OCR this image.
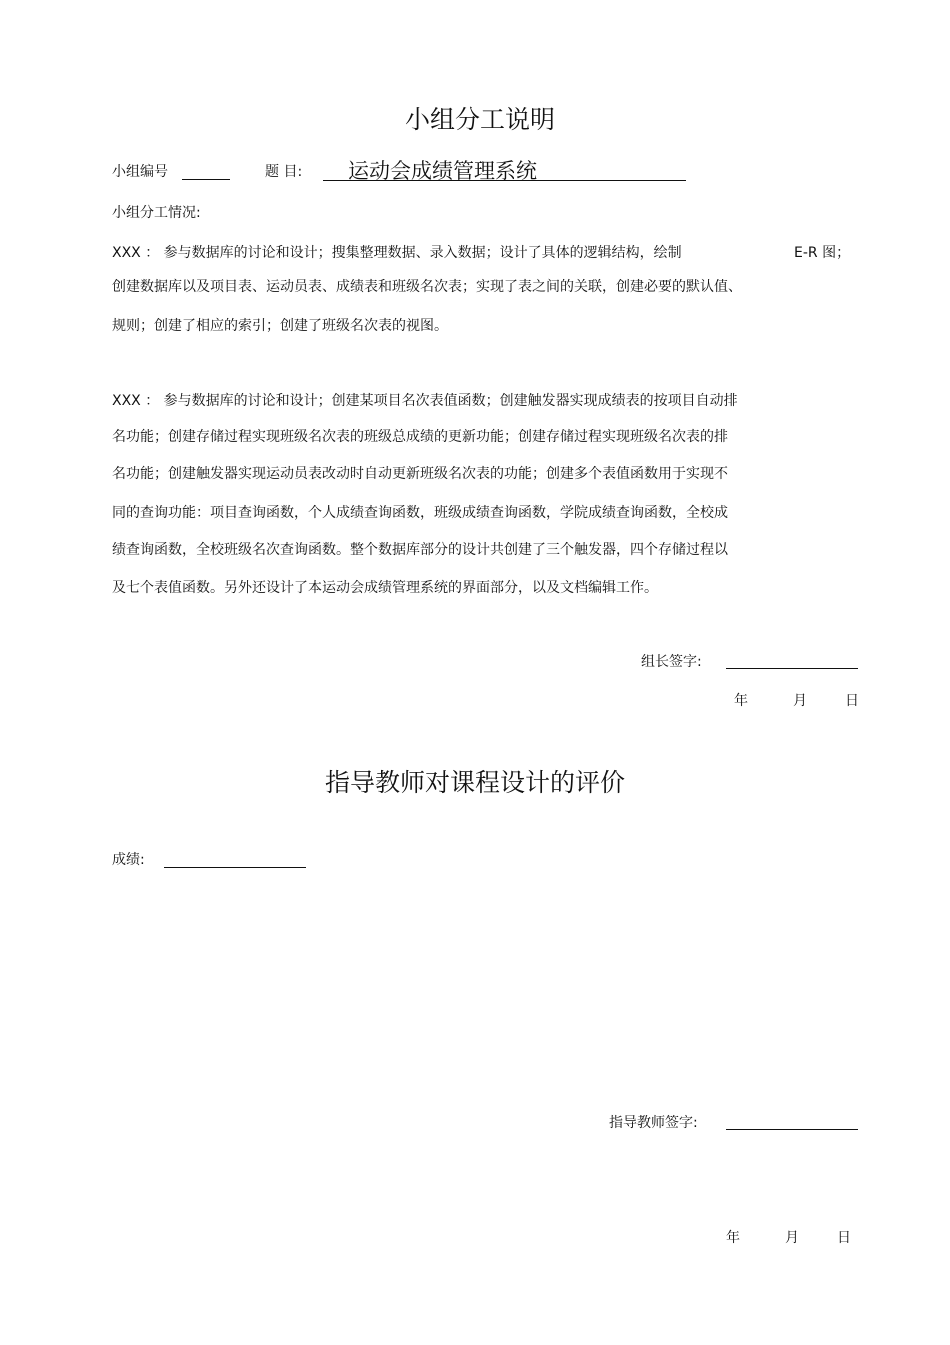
小组分工说明
小组编号	题 目: 运动会成绩管理系统
小组分工情况:
XXX ： 参与数据库的讨论和设计；搜集整理数据、录入数据；设计了具体的逻辑结构，绘制	E-R 图；
创建数据库以及项目表、运动员表、成绩表和班级名次表；实现了表之间的关联，创建必要的默认值、
规则；创建了相应的索引；创建了班级名次表的视图。
XXX ： 参与数据库的讨论和设计；创建某项目名次表值函数；创建触发器实现成绩表的按项目自动排
名功能；创建存储过程实现班级名次表的班级总成绩的更新功能；创建存储过程实现班级名次表的排
名功能；创建触发器实现运动员表改动时自动更新班级名次表的功能；创建多个表值函数用于实现不
同的查询功能：项目查询函数，个人成绩查询函数，班级成绩查询函数，学院成绩查询函数，全校成
绩查询函数，全校班级名次查询函数。整个数据库部分的设计共创建了三个触发器，四个存储过程以
及七个表值函数。另外还设计了本运动会成绩管理系统的界面部分，以及文档编辑工作。
组长签字:
年	月	日
指导教师对课程设计的评价
成绩:
指导教师签字:
年	月	日
